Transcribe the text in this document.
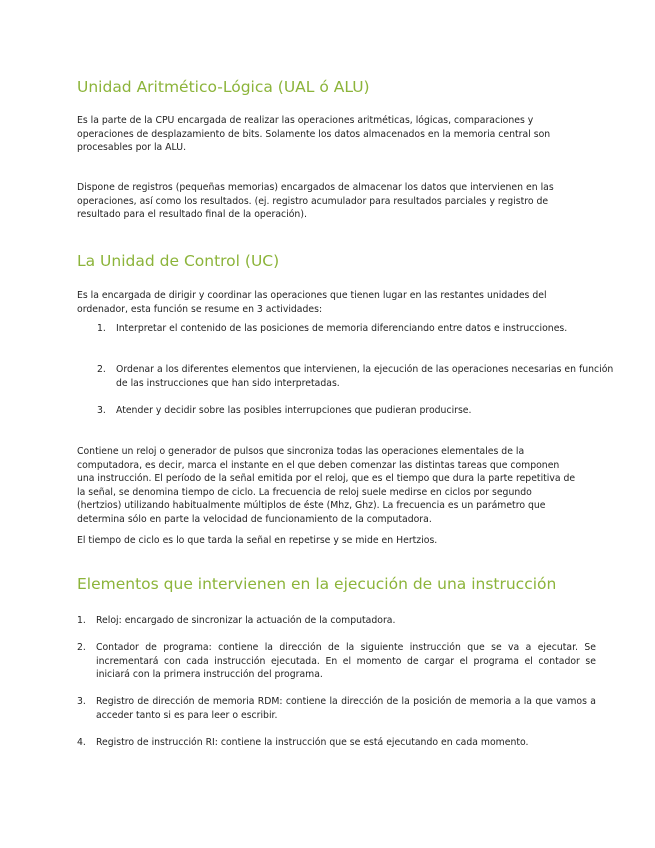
Unidad Aritmético-Lógica (UAL ó ALU)

Es la parte de la CPU encargada de realizar las operaciones aritméticas, lógicas, comparaciones y operaciones de desplazamiento de bits. Solamente los datos almacenados en la memoria central son procesables por la ALU.

Dispone de registros (pequeñas memorias) encargados de almacenar los datos que intervienen en las operaciones, así como los resultados. (ej. registro acumulador para resultados parciales y registro de resultado para el resultado final de la operación).

La Unidad de Control (UC)

Es la encargada de dirigir y coordinar las operaciones que tienen lugar en las restantes unidades del ordenador, esta función se resume en 3 actividades:

1. Interpretar el contenido de las posiciones de memoria diferenciando entre datos e instrucciones.
2. Ordenar a los diferentes elementos que intervienen, la ejecución de las operaciones necesarias en función de las instrucciones que han sido interpretadas.
3. Atender y decidir sobre las posibles interrupciones que pudieran producirse.

Contiene un reloj o generador de pulsos que sincroniza todas las operaciones elementales de la computadora, es decir, marca el instante en el que deben comenzar las distintas tareas que componen una instrucción. El período de la señal emitida por el reloj, que es el tiempo que dura la parte repetitiva de la señal, se denomina tiempo de ciclo. La frecuencia de reloj suele medirse en ciclos por segundo (hertzios) utilizando habitualmente múltiplos de éste (Mhz, Ghz). La frecuencia es un parámetro que determina sólo en parte la velocidad de funcionamiento de la computadora.

El tiempo de ciclo es lo que tarda la señal en repetirse y se mide en Hertzios.

Elementos que intervienen en la ejecución de una instrucción
1. Reloj: encargado de sincronizar la actuación de la computadora.
2. Contador de programa: contiene la dirección de la siguiente instrucción que se va a ejecutar. Se incrementará con cada instrucción ejecutada. En el momento de cargar el programa el contador se iniciará con la primera instrucción del programa.
3. Registro de dirección de memoria RDM: contiene la dirección de la posición de memoria a la que vamos a acceder tanto si es para leer o escribir.
4. Registro de instrucción RI: contiene la instrucción que se está ejecutando en cada momento.
